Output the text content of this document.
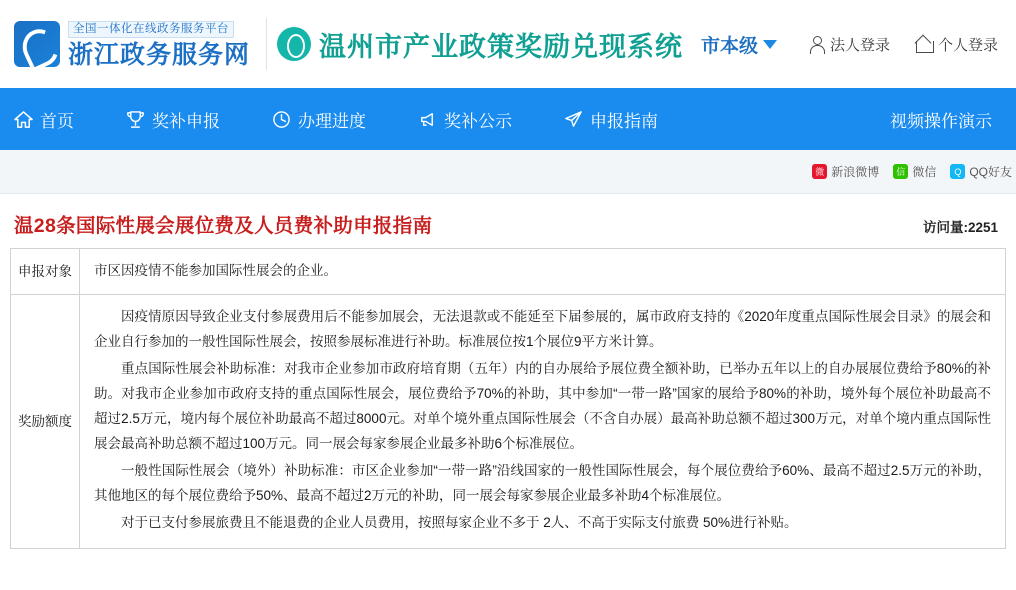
全国一体化在线政务服务平台
浙江政务服务网	温州市产业政策奖励兑现系统 市本级	法人登录	个人登录
首页	奖补申报	办理进度	奖补公示	申报指南	视频操作演示
微 新浪微博	信 微信	Q QQ好友
温28条国际性展会展位费及人员费补助申报指南	访问量:2251
申报对象	市区因疫情不能参加国际性展会的企业。
奖励额度	因疫情原因导致企业支付参展费用后不能参加展会，无法退款或不能延至下届参展的，属市政府支持的《2020年度重点国际性展会目录》的展会和企业自行参加的一般性国际性展会，按照参展标准进行补助。标准展位按1个展位9平方米计算。

重点国际性展会补助标准：对我市企业参加市政府培育期（五年）内的自办展给予展位费全额补助，已举办五年以上的自办展展位费给予80%的补助。对我市企业参加市政府支持的重点国际性展会，展位费给予70%的补助，其中参加“一带一路”国家的展给予80%的补助，境外每个展位补助最高不超过2.5万元，境内每个展位补助最高不超过8000元。对单个境外重点国际性展会（不含自办展）最高补助总额不超过300万元，对单个境内重点国际性展会最高补助总额不超过100万元。同一展会每家参展企业最多补助6个标准展位。

一般性国际性展会（境外）补助标准：市区企业参加“一带一路”沿线国家的一般性国际性展会，每个展位费给予60%、最高不超过2.5万元的补助，其他地区的每个展位费给予50%、最高不超过2万元的补助，同一展会每家参展企业最多补助4个标准展位。

对于已支付参展旅费且不能退费的企业人员费用，按照每家企业不多于 2人、不高于实际支付旅费 50%进行补贴。
